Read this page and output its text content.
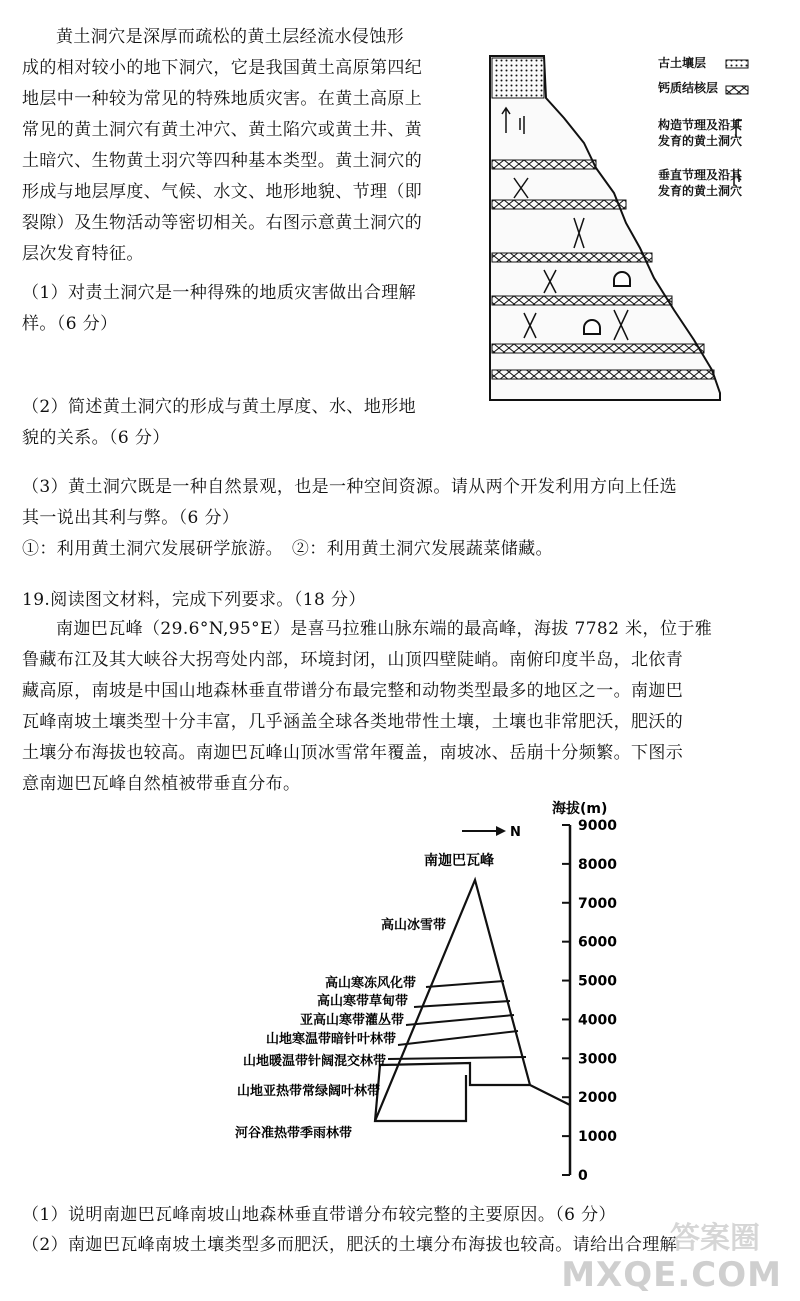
黄土洞穴是深厚而疏松的黄土层经流水侵蚀形
成的相对较小的地下洞穴，它是我国黄土高原第四纪
地层中一种较为常见的特殊地质灾害。在黄土高原上
常见的黄土洞穴有黄土冲穴、黄土陷穴或黄土井、黄
土暗穴、生物黄土羽穴等四种基本类型。黄土洞穴的
形成与地层厚度、气候、水文、地形地貌、节理（即
裂隙）及生物活动等密切相关。右图示意黄土洞穴的
层次发育特征。
（1）对责土洞穴是一种得殊的地质灾害做出合理解
样。（6 分）
（2）简述黄土洞穴的形成与黄土厚度、水、地形地
貌的关系。（6 分）
（3）黄土洞穴既是一种自然景观，也是一种空间资源。请从两个开发利用方向上任选
其一说出其利与弊。（6 分）
①：利用黄土洞穴发展研学旅游。　②：利用黄土洞穴发展蔬菜储藏。
古土壤层
钙质结核层
构造节理及沿其
发育的黄土洞穴
垂直节理及沿其
发育的黄土洞穴
19.阅读图文材料，完成下列要求。（18 分）
南迦巴瓦峰（29.6°N,95°E）是喜马拉雅山脉东端的最高峰，海拔 7782 米，位于雅
鲁藏布江及其大峡谷大拐弯处内部，环境封闭，山顶四壁陡峭。南俯印度半岛，北依青
藏高原，南坡是中国山地森林垂直带谱分布最完整和动物类型最多的地区之一。南迦巴
瓦峰南坡土壤类型十分丰富，几乎涵盖全球各类地带性土壤，土壤也非常肥沃，肥沃的
土壤分布海拔也较高。南迦巴瓦峰山顶冰雪常年覆盖，南坡冰、岳崩十分频繁。下图示
意南迦巴瓦峰自然植被带垂直分布。
9000
8000
7000
6000
5000
4000
3000
2000
1000
0
海拔(m)
N
南迦巴瓦峰
高山冰雪带
高山寒冻风化带
高山寒带草甸带
亚高山寒带灌丛带
山地寒温带暗针叶林带
山地暖温带针阔混交林带
山地亚热带常绿阔叶林带
河谷准热带季雨林带
（1）说明南迦巴瓦峰南坡山地森林垂直带谱分布较完整的主要原因。（6 分）
（2）南迦巴瓦峰南坡土壤类型多而肥沃，肥沃的土壤分布海拔也较高。请给出合理解
答案圈
MXQE.COM
